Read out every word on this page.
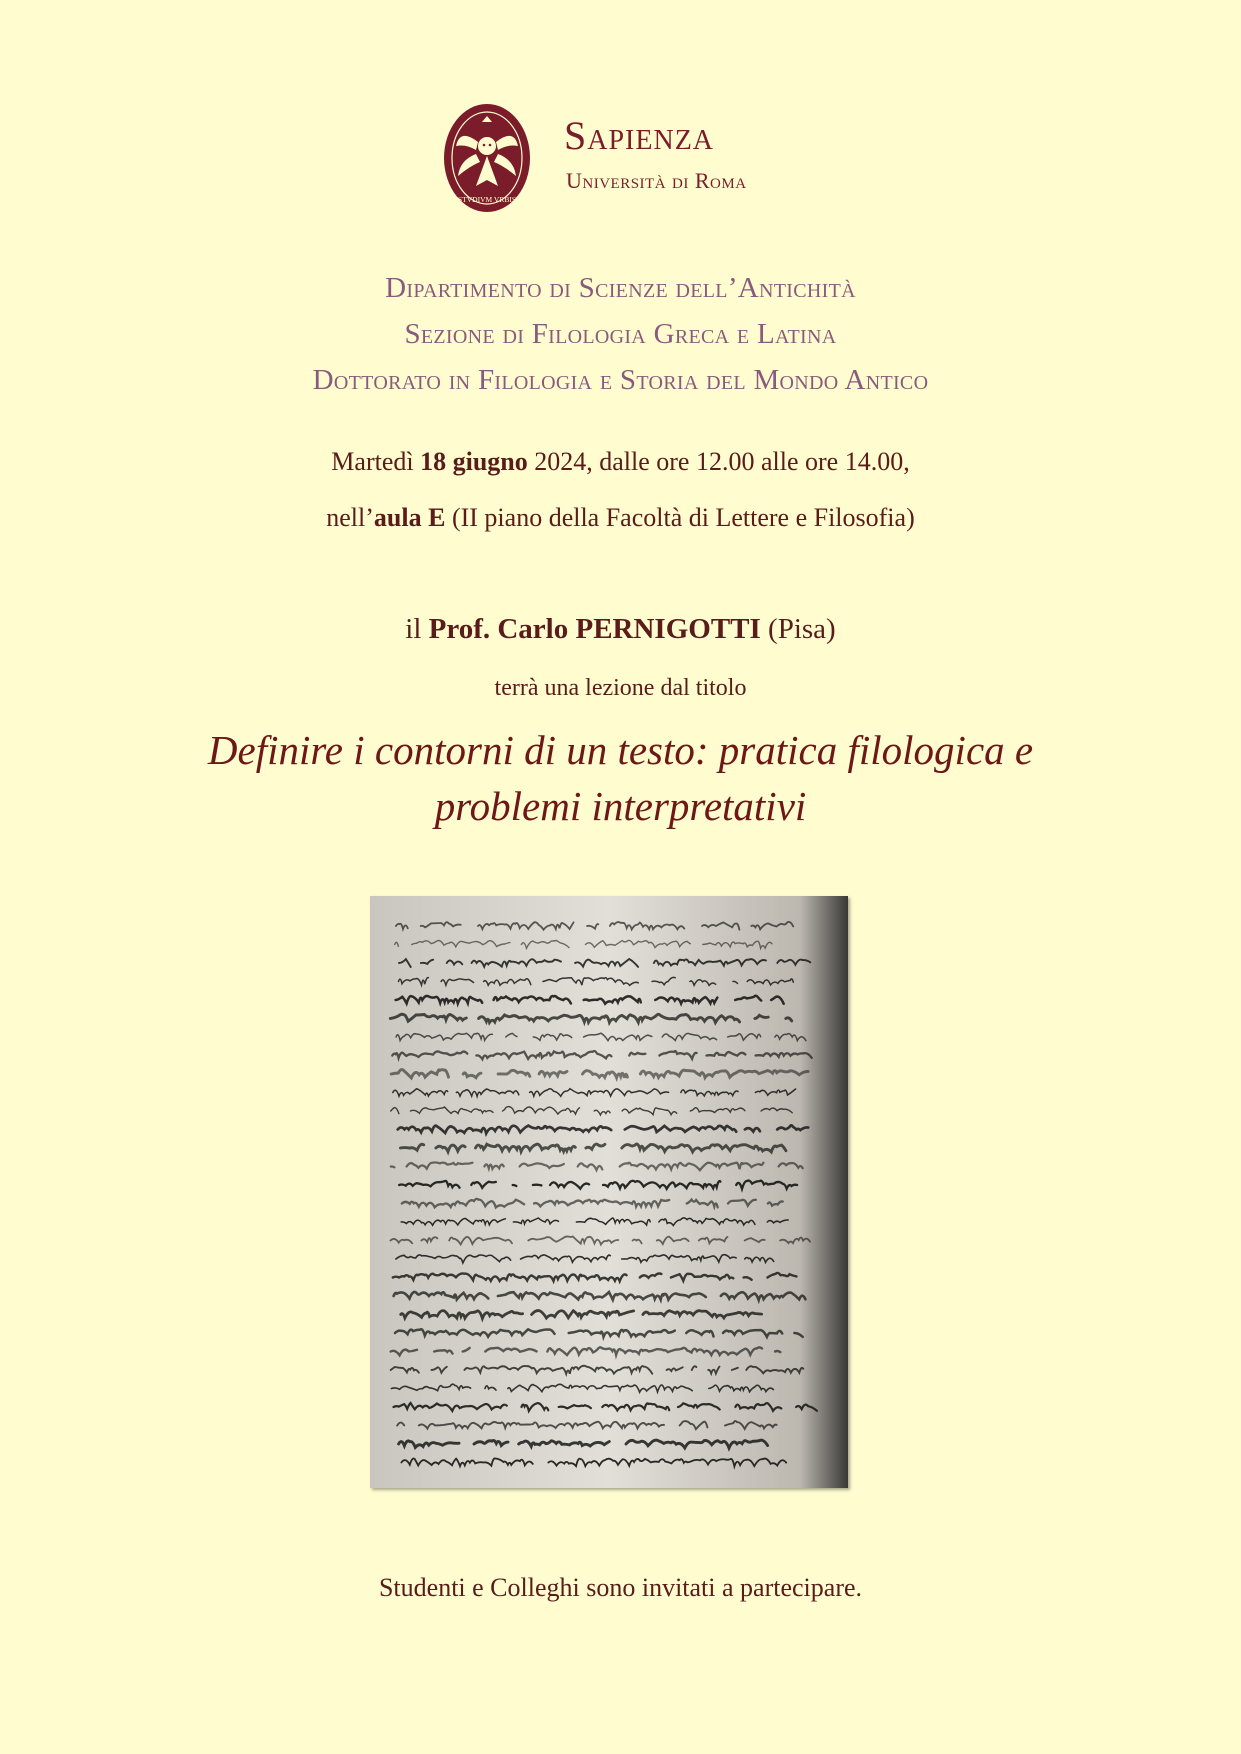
STVDIVM VRBIS
Sapienza
Università di Roma
Dipartimento di Scienze dell’Antichità
Sezione di Filologia Greca e Latina
Dottorato in Filologia e Storia del Mondo Antico
Martedì 18 giugno 2024, dalle ore 12.00 alle ore 14.00,
nell’aula E (II piano della Facoltà di Lettere e Filosofia)
il Prof. Carlo PERNIGOTTI (Pisa)
terrà una lezione dal titolo
Definire i contorni di un testo: pratica filologica e
problemi interpretativi
Studenti e Colleghi sono invitati a partecipare.
